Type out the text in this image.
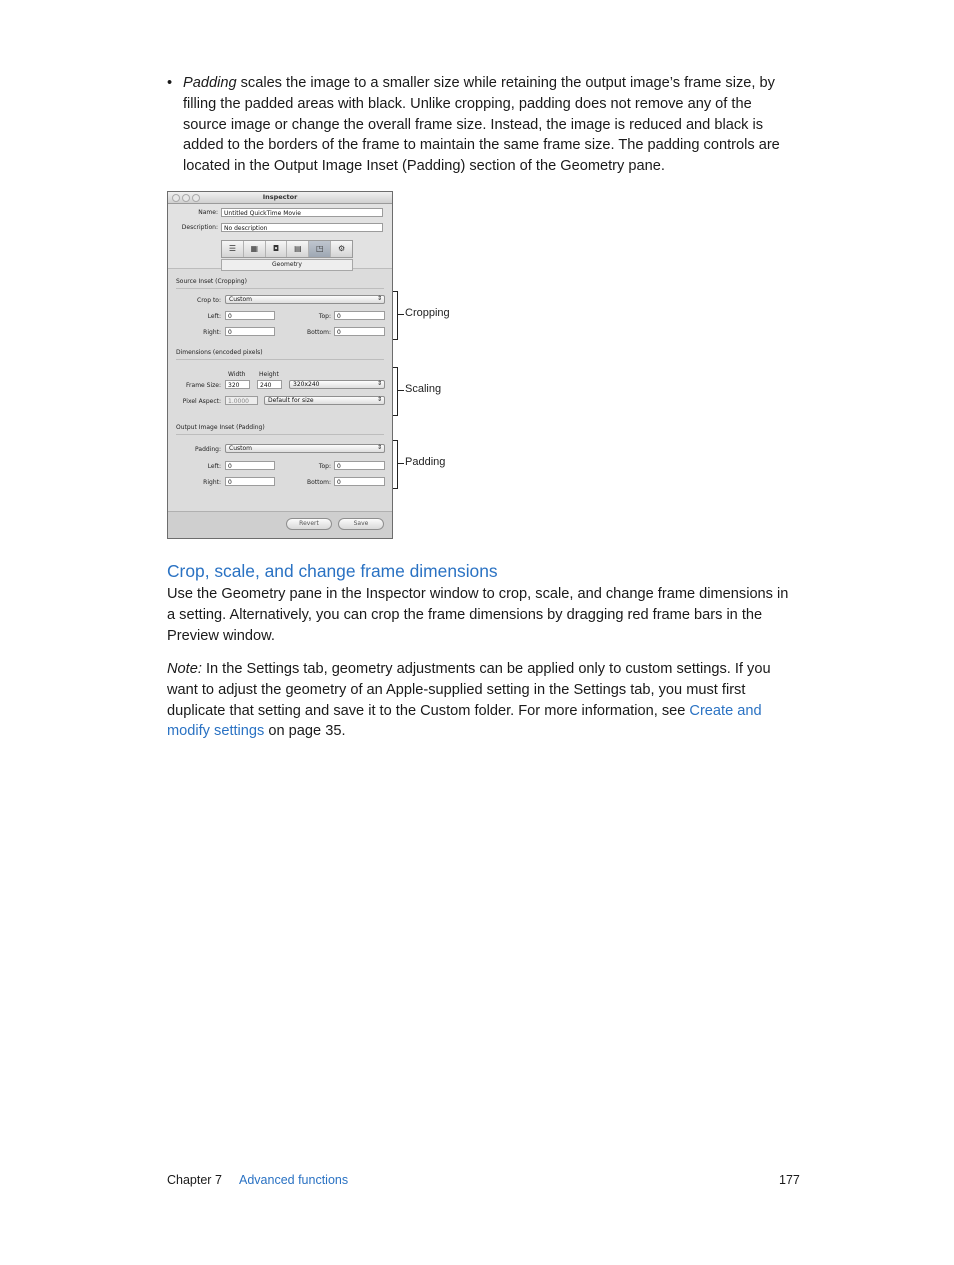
• Padding scales the image to a smaller size while retaining the output image’s frame size, by filling the padded areas with black. Unlike cropping, padding does not remove any of the source image or change the overall frame size. Instead, the image is reduced and black is added to the borders of the frame to maintain the same frame size. The padding controls are located in the Output Image Inset (Padding) section of the Geometry pane.
Inspector
Name:	Untitled QuickTime Movie
Description:	No description
☰	▦	◘	▤	◳	⚙
Geometry
Source Inset (Cropping)
Crop to:	Custom	⇕
Left:	0	Top:	0
Right:	0	Bottom:	0
Dimensions (encoded pixels)
Width Height
Frame Size:	320	240	320x240	⇕
Pixel Aspect:	1.0000	Default for size	⇕
Output Image Inset (Padding)
Padding:	Custom	⇕
Left:	0	Top:	0
Right:	0	Bottom:	0
Revert	Save
Cropping
Scaling
Padding
Crop, scale, and change frame dimensions
Use the Geometry pane in the Inspector window to crop, scale, and change frame dimensions in a setting. Alternatively, you can crop the frame dimensions by dragging red frame bars in the Preview window.
Note: In the Settings tab, geometry adjustments can be applied only to custom settings. If you want to adjust the geometry of an Apple-supplied setting in the Settings tab, you must first duplicate that setting and save it to the Custom folder. For more information, see Create and modify settings on page 35.
Chapter 7 Advanced functions	177
